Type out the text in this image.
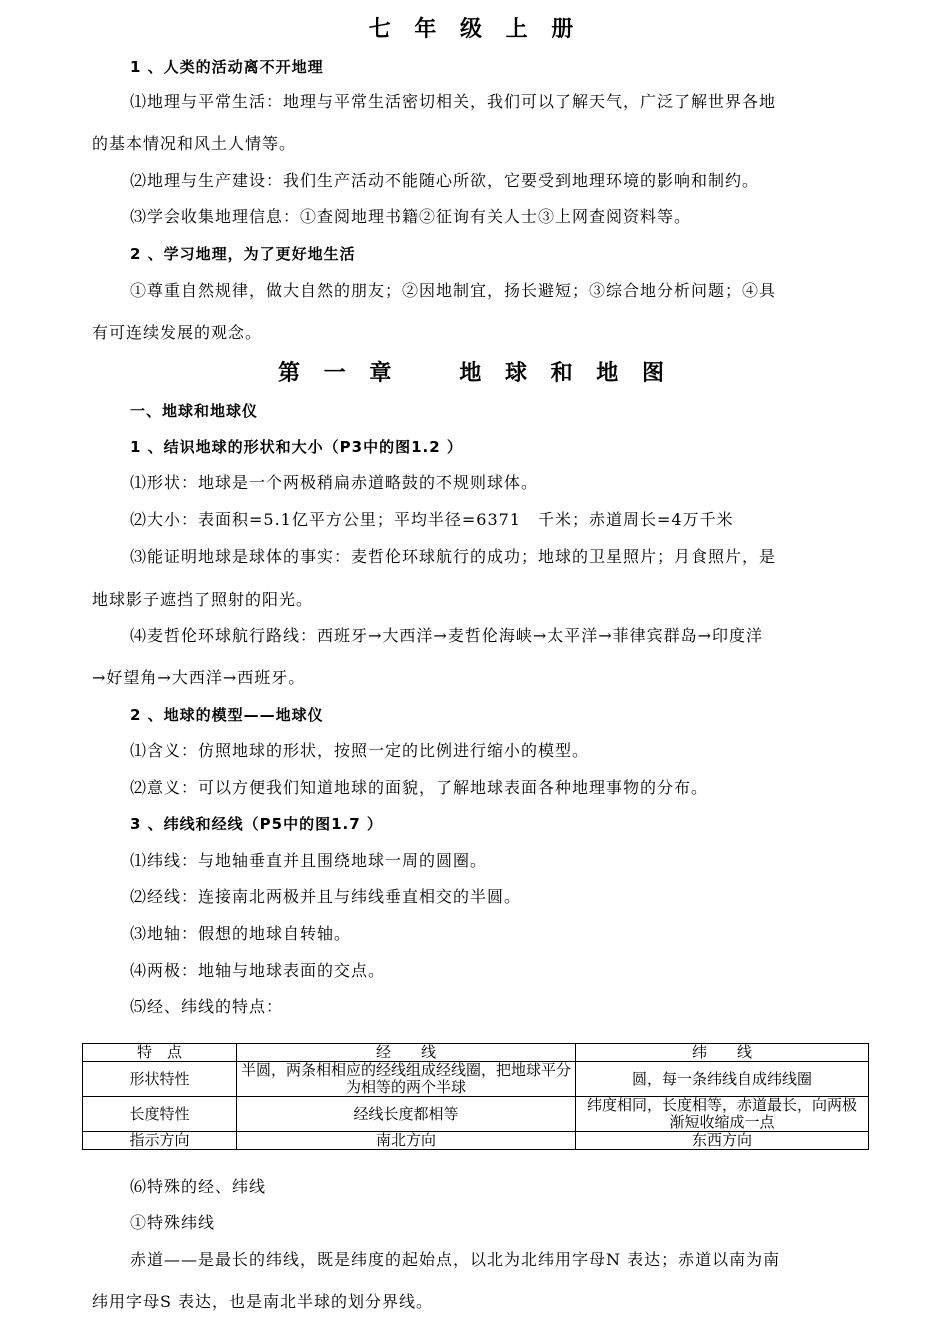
七 年 级 上 册
1 、人类的活动离不开地理
⑴地理与平常生活：地理与平常生活密切相关，我们可以了解天气，广泛了解世界各地
的基本情况和风土人情等。
⑵地理与生产建设：我们生产活动不能随心所欲，它要受到地理环境的影响和制约。
⑶学会收集地理信息：①查阅地理书籍②征询有关人士③上网查阅资料等。
2 、学习地理，为了更好地生活
①尊重自然规律，做大自然的朋友；②因地制宜，扬长避短；③综合地分析问题；④具
有可连续发展的观念。
第 一 章　　地 球 和 地 图
一、地球和地球仪
1 、结识地球的形状和大小（P3中的图1.2 ）
⑴形状：地球是一个两极稍扁赤道略鼓的不规则球体。
⑵大小：表面积=5.1亿平方公里；平均半径=6371　千米；赤道周长=4万千米
⑶能证明地球是球体的事实：麦哲伦环球航行的成功；地球的卫星照片；月食照片，是
地球影子遮挡了照射的阳光。
⑷麦哲伦环球航行路线：西班牙→大西洋→麦哲伦海峡→太平洋→菲律宾群岛→印度洋
→好望角→大西洋→西班牙。
2 、地球的模型——地球仪
⑴含义：仿照地球的形状，按照一定的比例进行缩小的模型。
⑵意义：可以方便我们知道地球的面貌，了解地球表面各种地理事物的分布。
3 、纬线和经线（P5中的图1.7 ）
⑴纬线：与地轴垂直并且围绕地球一周的圆圈。
⑵经线：连接南北两极并且与纬线垂直相交的半圆。
⑶地轴：假想的地球自转轴。
⑷两极：地轴与地球表面的交点。
⑸经、纬线的特点：
特　点	经　　线	纬　　线
形状特性	半圆，两条相相应的经线组成经线圈，把地球平分为相等的两个半球	圆，每一条纬线自成纬线圈
长度特性	经线长度都相等	纬度相同，长度相等，赤道最长，向两极渐短收缩成一点
指示方向	南北方向	东西方向
⑹特殊的经、纬线
①特殊纬线
赤道——是最长的纬线，既是纬度的起始点，以北为北纬用字母N 表达；赤道以南为南
纬用字母S 表达，也是南北半球的划分界线。
